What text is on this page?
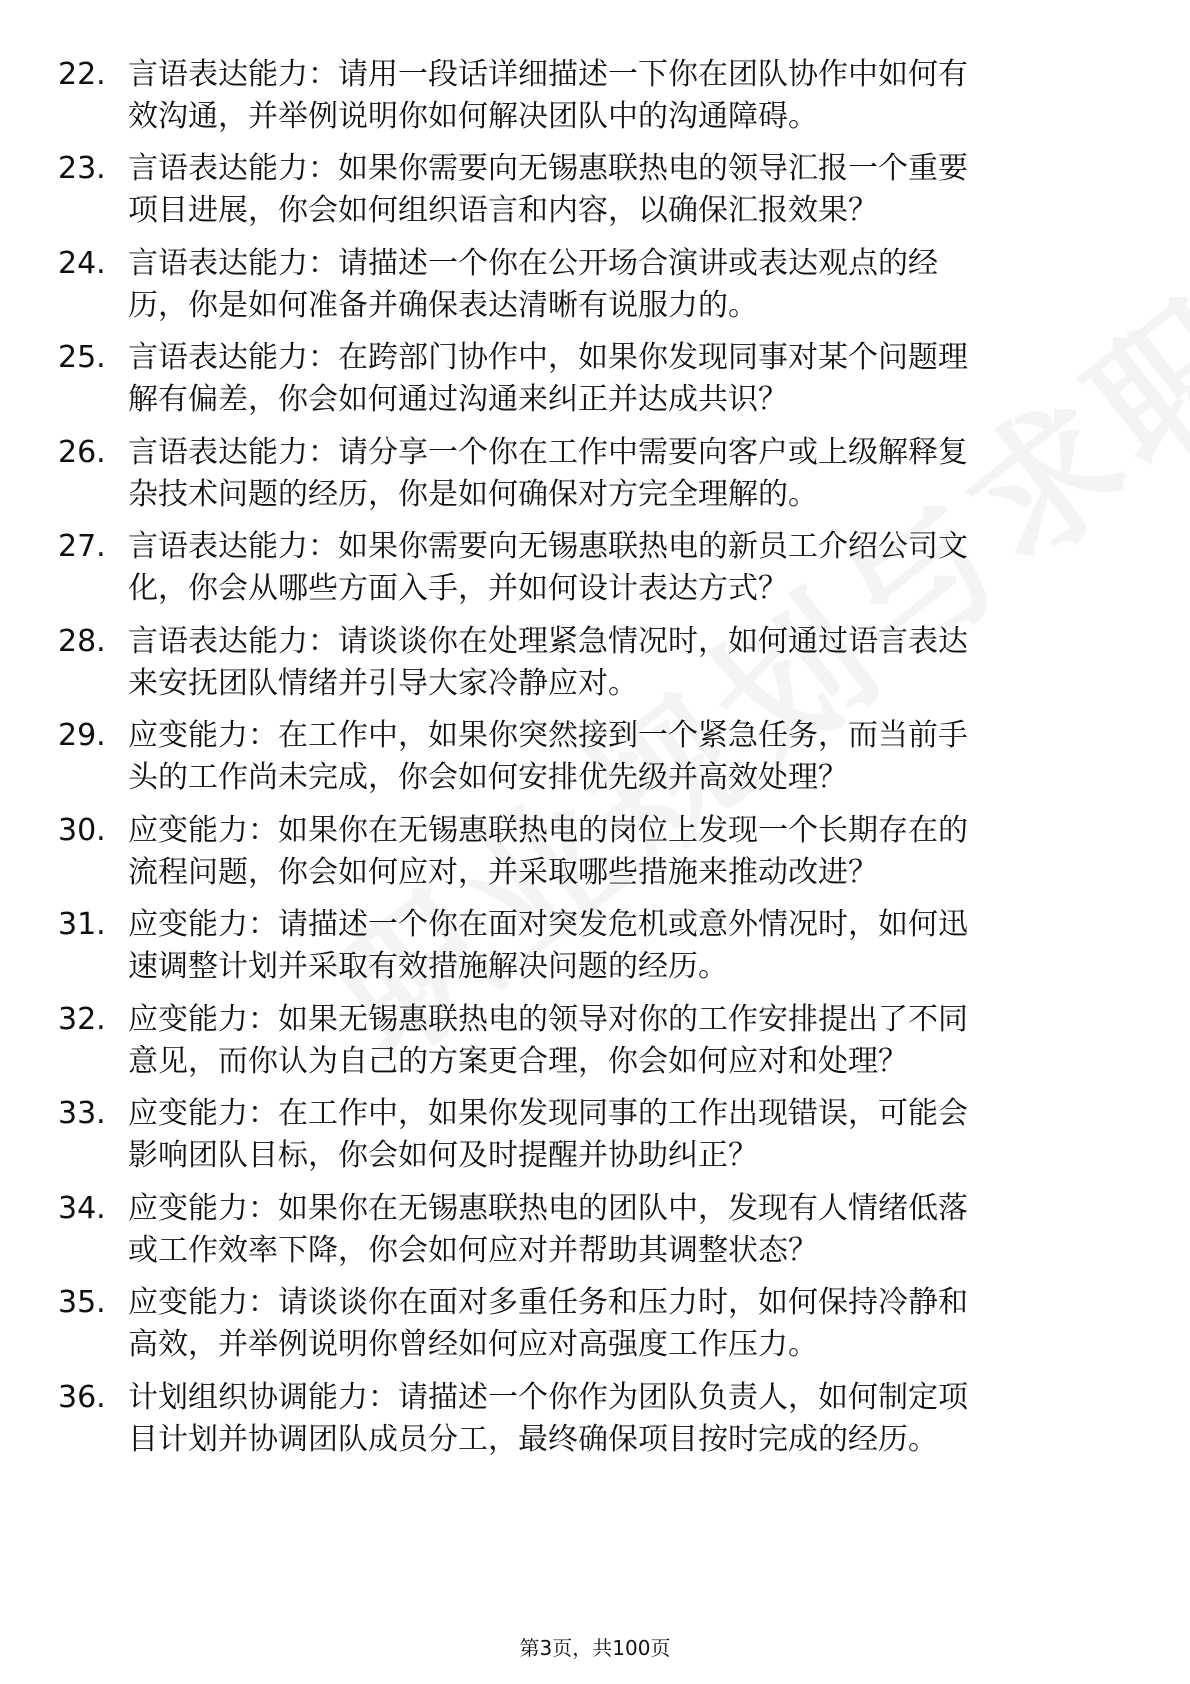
22. 言语表达能力：请用一段话详细描述一下你在团队协作中如何有
效沟通，并举例说明你如何解决团队中的沟通障碍。
23. 言语表达能力：如果你需要向无锡惠联热电的领导汇报一个重要
项目进展，你会如何组织语言和内容，以确保汇报效果？
24. 言语表达能力：请描述一个你在公开场合演讲或表达观点的经
历，你是如何准备并确保表达清晰有说服力的。
25. 言语表达能力：在跨部门协作中，如果你发现同事对某个问题理
解有偏差，你会如何通过沟通来纠正并达成共识？
26. 言语表达能力：请分享一个你在工作中需要向客户或上级解释复
杂技术问题的经历，你是如何确保对方完全理解的。
27. 言语表达能力：如果你需要向无锡惠联热电的新员工介绍公司文
化，你会从哪些方面入手，并如何设计表达方式？
28. 言语表达能力：请谈谈你在处理紧急情况时，如何通过语言表达
来安抚团队情绪并引导大家冷静应对。
29. 应变能力：在工作中，如果你突然接到一个紧急任务，而当前手
头的工作尚未完成，你会如何安排优先级并高效处理？
30. 应变能力：如果你在无锡惠联热电的岗位上发现一个长期存在的
流程问题，你会如何应对，并采取哪些措施来推动改进？
31. 应变能力：请描述一个你在面对突发危机或意外情况时，如何迅
速调整计划并采取有效措施解决问题的经历。
32. 应变能力：如果无锡惠联热电的领导对你的工作安排提出了不同
意见，而你认为自己的方案更合理，你会如何应对和处理？
33. 应变能力：在工作中，如果你发现同事的工作出现错误，可能会
影响团队目标，你会如何及时提醒并协助纠正？
34. 应变能力：如果你在无锡惠联热电的团队中，发现有人情绪低落
或工作效率下降，你会如何应对并帮助其调整状态？
35. 应变能力：请谈谈你在面对多重任务和压力时，如何保持冷静和
高效，并举例说明你曾经如何应对高强度工作压力。
36. 计划组织协调能力：请描述一个你作为团队负责人，如何制定项
目计划并协调团队成员分工，最终确保项目按时完成的经历。
第3页，共100页
